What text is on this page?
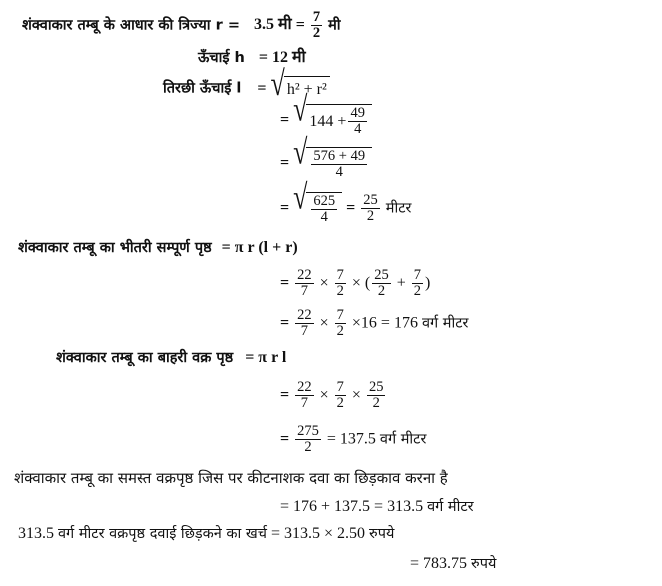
शंक्वाकार तम्बू के आधार की त्रिज्या r = 3.5 मी = $\frac{7}{2}$ मी
ऊँचाई h = 12 मी
तिरछी ऊँचाई l = √ h² + r²
= √ $144 + \frac{49}{4}$
= √ $\frac{576 + 49}{4}$
= √ $\frac{625}{4} = \frac{25}{2}$ मीटर
शंक्वाकार तम्बू का भीतरी सम्पूर्ण पृष्ठ = π r (l + r)
= $\frac{22}{7} \times \frac{7}{2}$ × ( $\frac{25}{2} + \frac{7}{2}$ )
= $\frac{22}{7} \times \frac{7}{2} \times 16 = 176$ वर्ग मीटर
शंक्वाकार तम्बू का बाहरी वक्र पृष्ठ = π r l
= $\frac{22}{7} \times \frac{7}{2} \times \frac{25}{2}$
= $\frac{275}{2} = 137.5$ वर्ग मीटर
शंक्वाकार तम्बू का समस्त वक्रपृष्ठ जिस पर कीटनाशक दवा का छिड़काव करना है
= 176 + 137.5 = 313.5 वर्ग मीटर
313.5 वर्ग मीटर वक्रपृष्ठ दवाई छिड़कने का खर्च = 313.5 × 2.50 रुपये
= 783.75 रुपये
